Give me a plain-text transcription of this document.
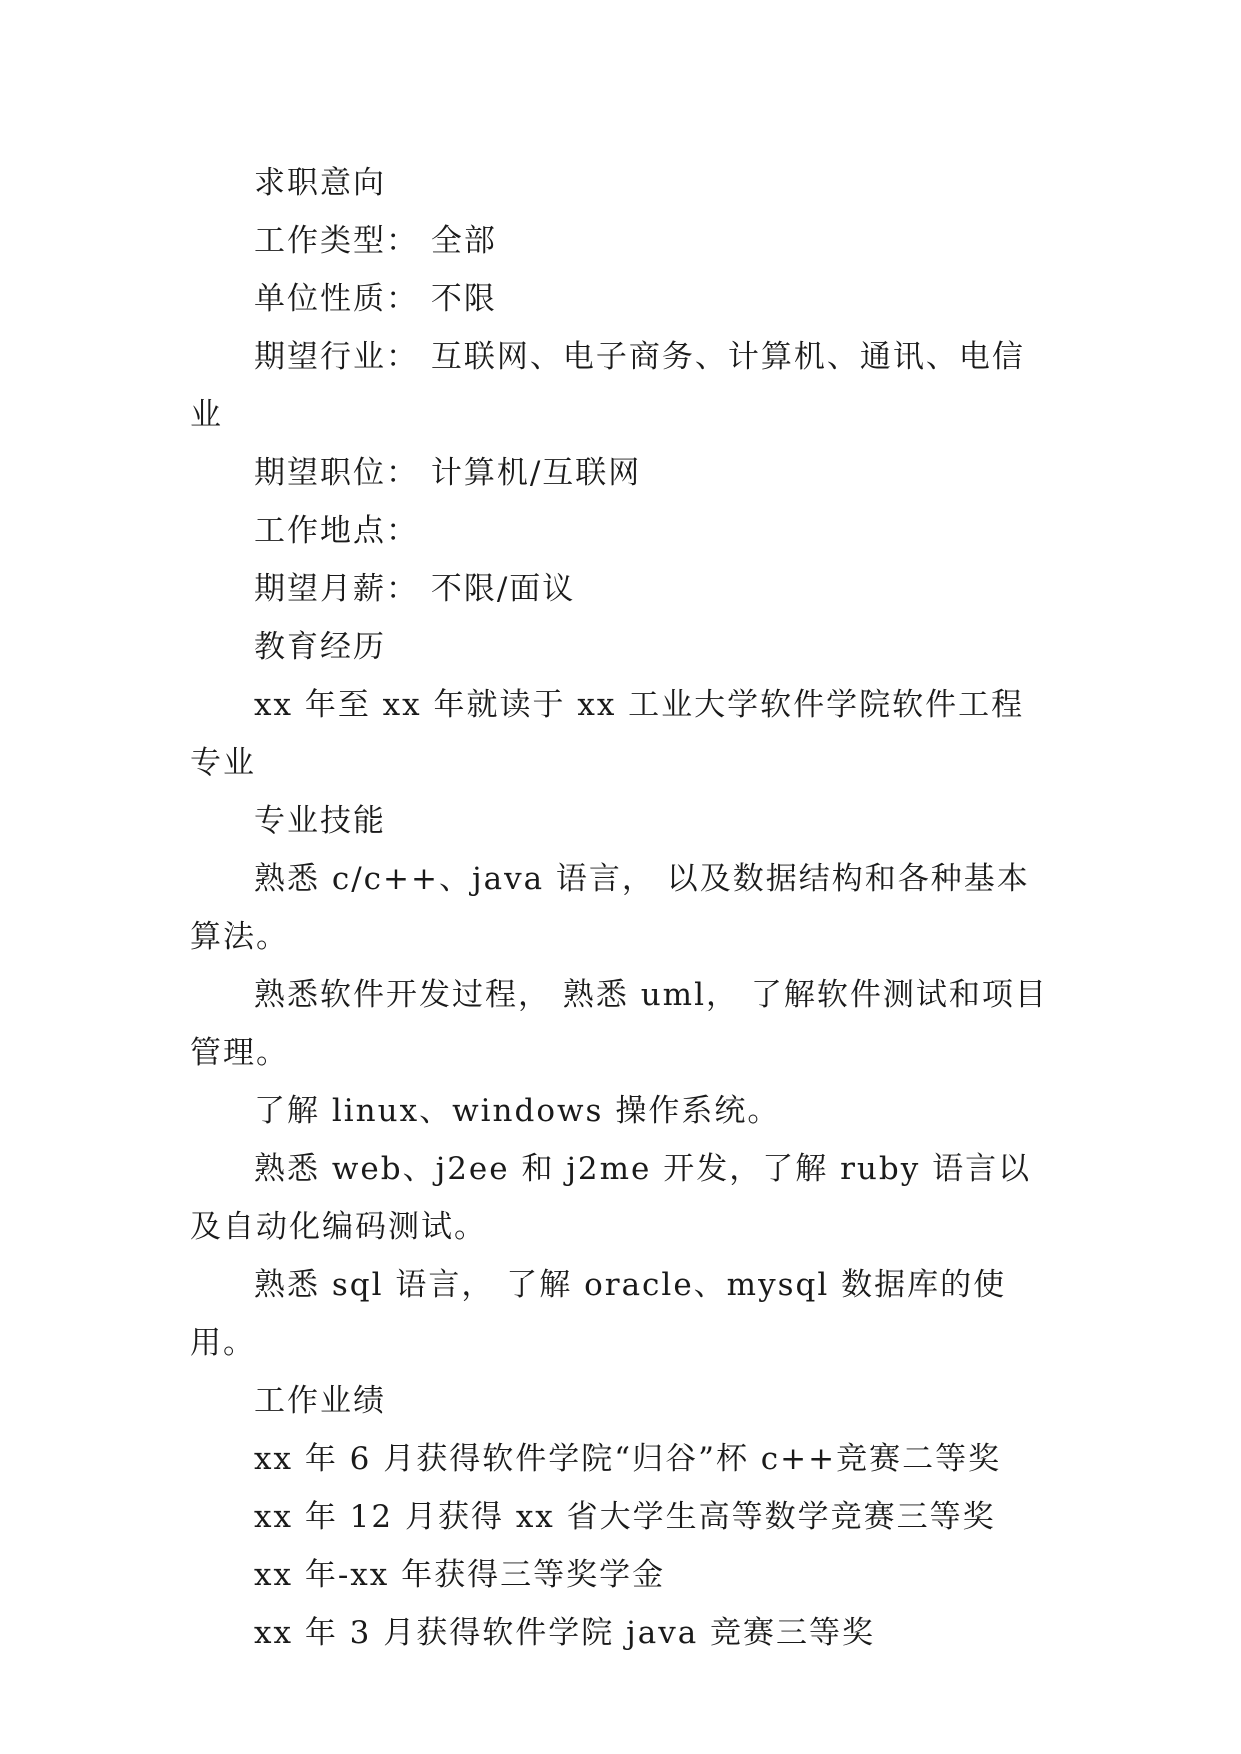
求职意向

工作类型： 全部

单位性质： 不限

期望行业： 互联网、电子商务、计算机、通讯、电信业

期望职位： 计算机/互联网

工作地点：

期望月薪： 不限/面议

教育经历

xx 年至 xx 年就读于 xx 工业大学软件学院软件工程专业

专业技能

熟悉 c/c++、java 语言， 以及数据结构和各种基本算法。

熟悉软件开发过程， 熟悉 uml， 了解软件测试和项目管理。

了解 linux、windows 操作系统。

熟悉 web、j2ee 和 j2me 开发，了解 ruby 语言以及自动化编码测试。

熟悉 sql 语言， 了解 oracle、mysql 数据库的使用。

工作业绩

xx 年 6 月获得软件学院“归谷”杯 c++竞赛二等奖

xx 年 12 月获得 xx 省大学生高等数学竞赛三等奖

xx 年-xx 年获得三等奖学金

xx 年 3 月获得软件学院 java 竞赛三等奖
